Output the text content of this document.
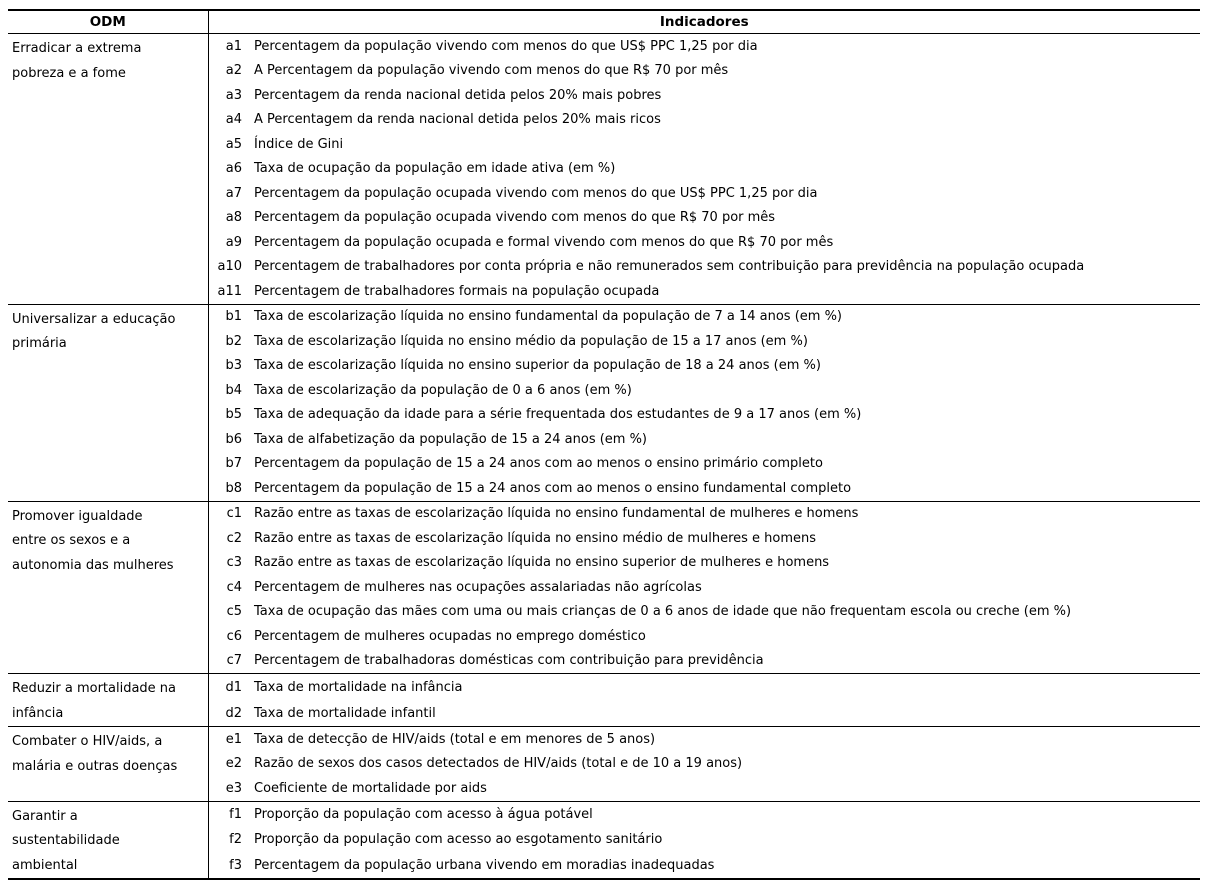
ODM	Indicadores	

Erradicar a extrema
pobreza e a fome	a1	Percentagem da população vivendo com menos do que US$ PPC 1,25 por dia
	a2	A Percentagem da população vivendo com menos do que R$ 70 por mês
	a3	Percentagem da renda nacional detida pelos 20% mais pobres
	a4	A Percentagem da renda nacional detida pelos 20% mais ricos
	a5	Índice de Gini
	a6	Taxa de ocupação da população em idade ativa (em %)
	a7	Percentagem da população ocupada vivendo com menos do que US$ PPC 1,25 por dia
	a8	Percentagem da população ocupada vivendo com menos do que R$ 70 por mês
	a9	Percentagem da população ocupada e formal vivendo com menos do que R$ 70 por mês
	a10	Percentagem de trabalhadores por conta própria e não remunerados sem contribuição para previdência na população ocupada
	a11	Percentagem de trabalhadores formais na população ocupada

Universalizar a educação
primária	b1	Taxa de escolarização líquida no ensino fundamental da população de 7 a 14 anos (em %)
	b2	Taxa de escolarização líquida no ensino médio da população de 15 a 17 anos (em %)
	b3	Taxa de escolarização líquida no ensino superior da população de 18 a 24 anos (em %)
	b4	Taxa de escolarização da população de 0 a 6 anos (em %)
	b5	Taxa de adequação da idade para a série frequentada dos estudantes de 9 a 17 anos (em %)
	b6	Taxa de alfabetização da população de 15 a 24 anos (em %)
	b7	Percentagem da população de 15 a 24 anos com ao menos o ensino primário completo
	b8	Percentagem da população de 15 a 24 anos com ao menos o ensino fundamental completo

Promover igualdade
entre os sexos e a
autonomia das mulheres	c1	Razão entre as taxas de escolarização líquida no ensino fundamental de mulheres e homens
	c2	Razão entre as taxas de escolarização líquida no ensino médio de mulheres e homens
	c3	Razão entre as taxas de escolarização líquida no ensino superior de mulheres e homens
	c4	Percentagem de mulheres nas ocupações assalariadas não agrícolas
	c5	Taxa de ocupação das mães com uma ou mais crianças de 0 a 6 anos de idade que não frequentam escola ou creche (em %)
	c6	Percentagem de mulheres ocupadas no emprego doméstico
	c7	Percentagem de trabalhadoras domésticas com contribuição para previdência

Reduzir a mortalidade na
infância	d1	Taxa de mortalidade na infância
	d2	Taxa de mortalidade infantil

Combater o HIV/aids, a
malária e outras doenças	e1	Taxa de detecção de HIV/aids (total e em menores de 5 anos)
	e2	Razão de sexos dos casos detectados de HIV/aids (total e de 10 a 19 anos)
	e3	Coeficiente de mortalidade por aids

Garantir a
sustentabilidade
ambiental	f1	Proporção da população com acesso à água potável
	f2	Proporção da população com acesso ao esgotamento sanitário
	f3	Percentagem da população urbana vivendo em moradias inadequadas
